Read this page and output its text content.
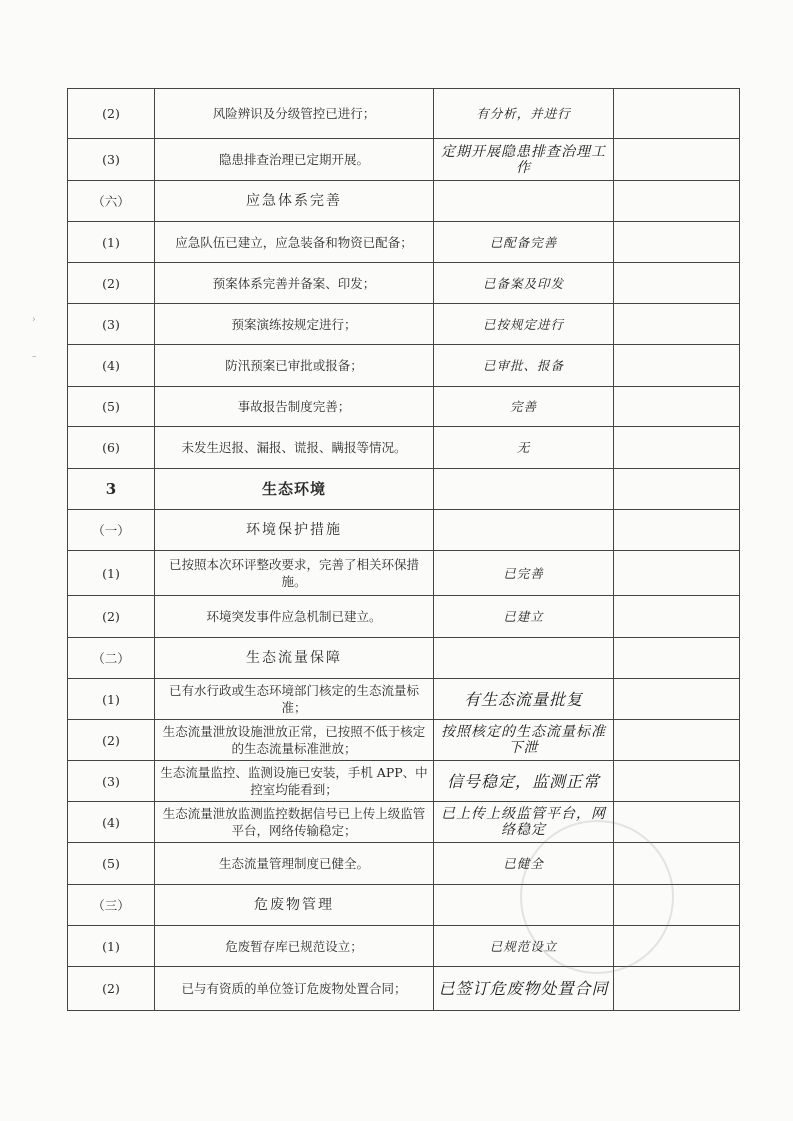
›
–
(2)	风险辨识及分级管控已进行；	有分析，并进行	
(3)	隐患排查治理已定期开展。	定期开展隐患排查治理工作	
（六）	应急体系完善		
(1)	应急队伍已建立，应急装备和物资已配备；	已配备完善	
(2)	预案体系完善并备案、印发；	已备案及印发	
(3)	预案演练按规定进行；	已按规定进行	
(4)	防汛预案已审批或报备；	已审批、报备	
(5)	事故报告制度完善；	完善	
(6)	未发生迟报、漏报、谎报、瞒报等情况。	无	
3	生态环境		
（一）	环境保护措施		
(1)	已按照本次环评整改要求，完善了相关环保措施。	已完善	
(2)	环境突发事件应急机制已建立。	已建立	
（二）	生态流量保障		
(1)	已有水行政或生态环境部门核定的生态流量标准；	有生态流量批复	
(2)	生态流量泄放设施泄放正常，已按照不低于核定的生态流量标准泄放；	按照核定的生态流量标准下泄	
(3)	生态流量监控、监测设施已安装，手机 APP、中控室均能看到；	信号稳定，监测正常	
(4)	生态流量泄放监测监控数据信号已上传上级监管平台，网络传输稳定；	已上传上级监管平台，网络稳定	
(5)	生态流量管理制度已健全。	已健全	
（三）	危废物管理		
(1)	危废暂存库已规范设立；	已规范设立	
(2)	已与有资质的单位签订危废物处置合同；	已签订危废物处置合同	
